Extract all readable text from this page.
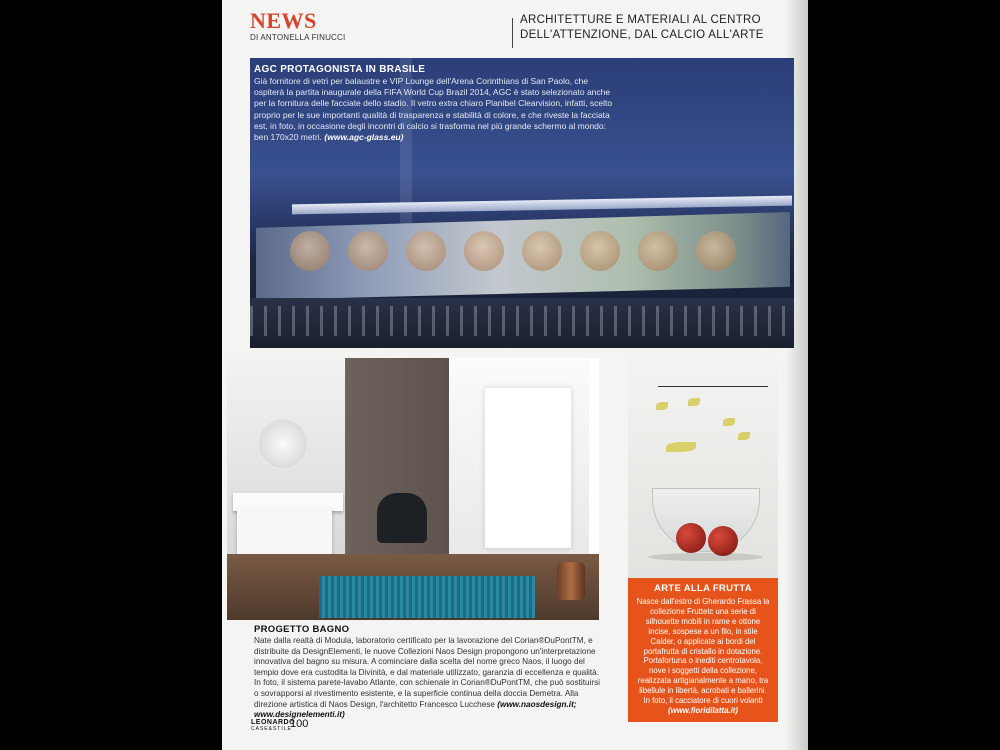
NEWS
DI ANTONELLA FINUCCI
ARCHITETTURE E MATERIALI AL CENTRO
DELL'ATTENZIONE, DAL CALCIO ALL'ARTE
AGC PROTAGONISTA IN BRASILE
Già fornitore di vetri per balaustre e VIP Lounge dell'Arena Corinthians di San Paolo, che ospiterà la partita inaugurale della FIFA World Cup Brazil 2014, AGC è stato selezionato anche per la fornitura delle facciate dello stadio. Il vetro extra chiaro Planibel Clearvision, infatti, scelto proprio per le sue importanti qualità di trasparenza e stabilità di colore, e che riveste la facciata est, in foto, in occasione degli incontri di calcio si trasforma nel più grande schermo al mondo: ben 170x20 metri. (www.agc-glass.eu)
PROGETTO BAGNO
Nate dalla realtà di Modula, laboratorio certificato per la lavorazione del Corian®DuPontTM, e distribuite da DesignElementi, le nuove Collezioni Naos Design propongono un'interpretazione innovativa del bagno su misura. A cominciare dalla scelta del nome greco Naos, il luogo del tempio dove era custodita la Divinità, e dal materiale utilizzato, garanzia di eccellenza e qualità. In foto, il sistema parete-lavabo Atlante, con schienale in Corian®DuPontTM, che può sostituirsi o sovrapporsi al rivestimento esistente, e la superficie continua della doccia Demetra. Alla direzione artistica di Naos Design, l'architetto Francesco Lucchese (www.naosdesign.it; www.designelementi.it)
ARTE ALLA FRUTTA
Nasce dall'estro di Gherardo Frassa la collezione Fruttetc una serie di silhouette mobili in rame e ottone incise, sospese a un filo, in stile Calder, o applicate ai bordi del portafrutta di cristallo in dotazione. Portafortuna o inediti centrotavola, nove i soggetti della collezione, realizzata artigianalmente a mano, tra libellule in libertà, acrobati e ballerini. In foto, il cacciatore di cuori volanti (www.fioridilatta.it)
LEONARDO
CASE&STILE
100
